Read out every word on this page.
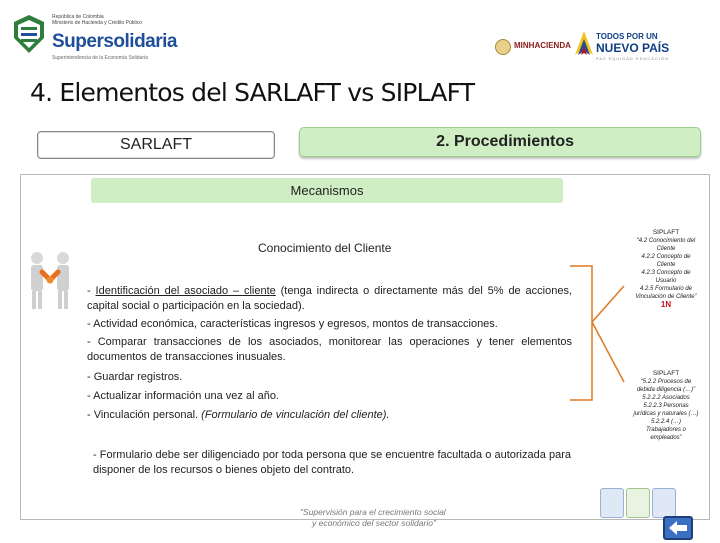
República de Colombia
Ministerio de Hacienda y Crédito Público
Supersolidaria
Superintendencia de la Economía Solidaria
MINHACIENDA
TODOS POR UN
NUEVO PAÍS
PAZ EQUIDAD EDUCACIÓN
4. Elementos del SARLAFT vs SIPLAFT
SARLAFT	2. Procedimientos
Mecanismos
Conocimiento del Cliente
- Identificación del asociado – cliente (tenga indirecta o directamente más del 5% de acciones, capital social o participación en la sociedad).
- Actividad económica, características ingresos y egresos, montos de transacciones.
- Comparar transacciones de los asociados, monitorear las operaciones y tener elementos documentos de transacciones inusuales.
- Guardar registros.
- Actualizar información una vez al año.
- Vinculación personal. (Formulario de vinculación del cliente).
- Formulario debe ser diligenciado por toda persona que se encuentre facultada o autorizada para disponer de los recursos o bienes objeto del contrato.
SIPLAFT
“4.2 Conocimiento del
Cliente
4.2.2 Concepto de
Cliente
4.2.3 Concepto de
Usuario
4.2.5 Formulario de
Vinculación de Cliente”
1N
SIPLAFT
“5.2.2 Procesos de
debida diligencia (…)”
5.2.2.2 Asociados
5.2.2.3 Personas
jurídicas y naturales (…)
5.2.2.4 (…)
Trabajadores o
empleados”
"Supervisión para el crecimiento social
y económico del sector solidario"
